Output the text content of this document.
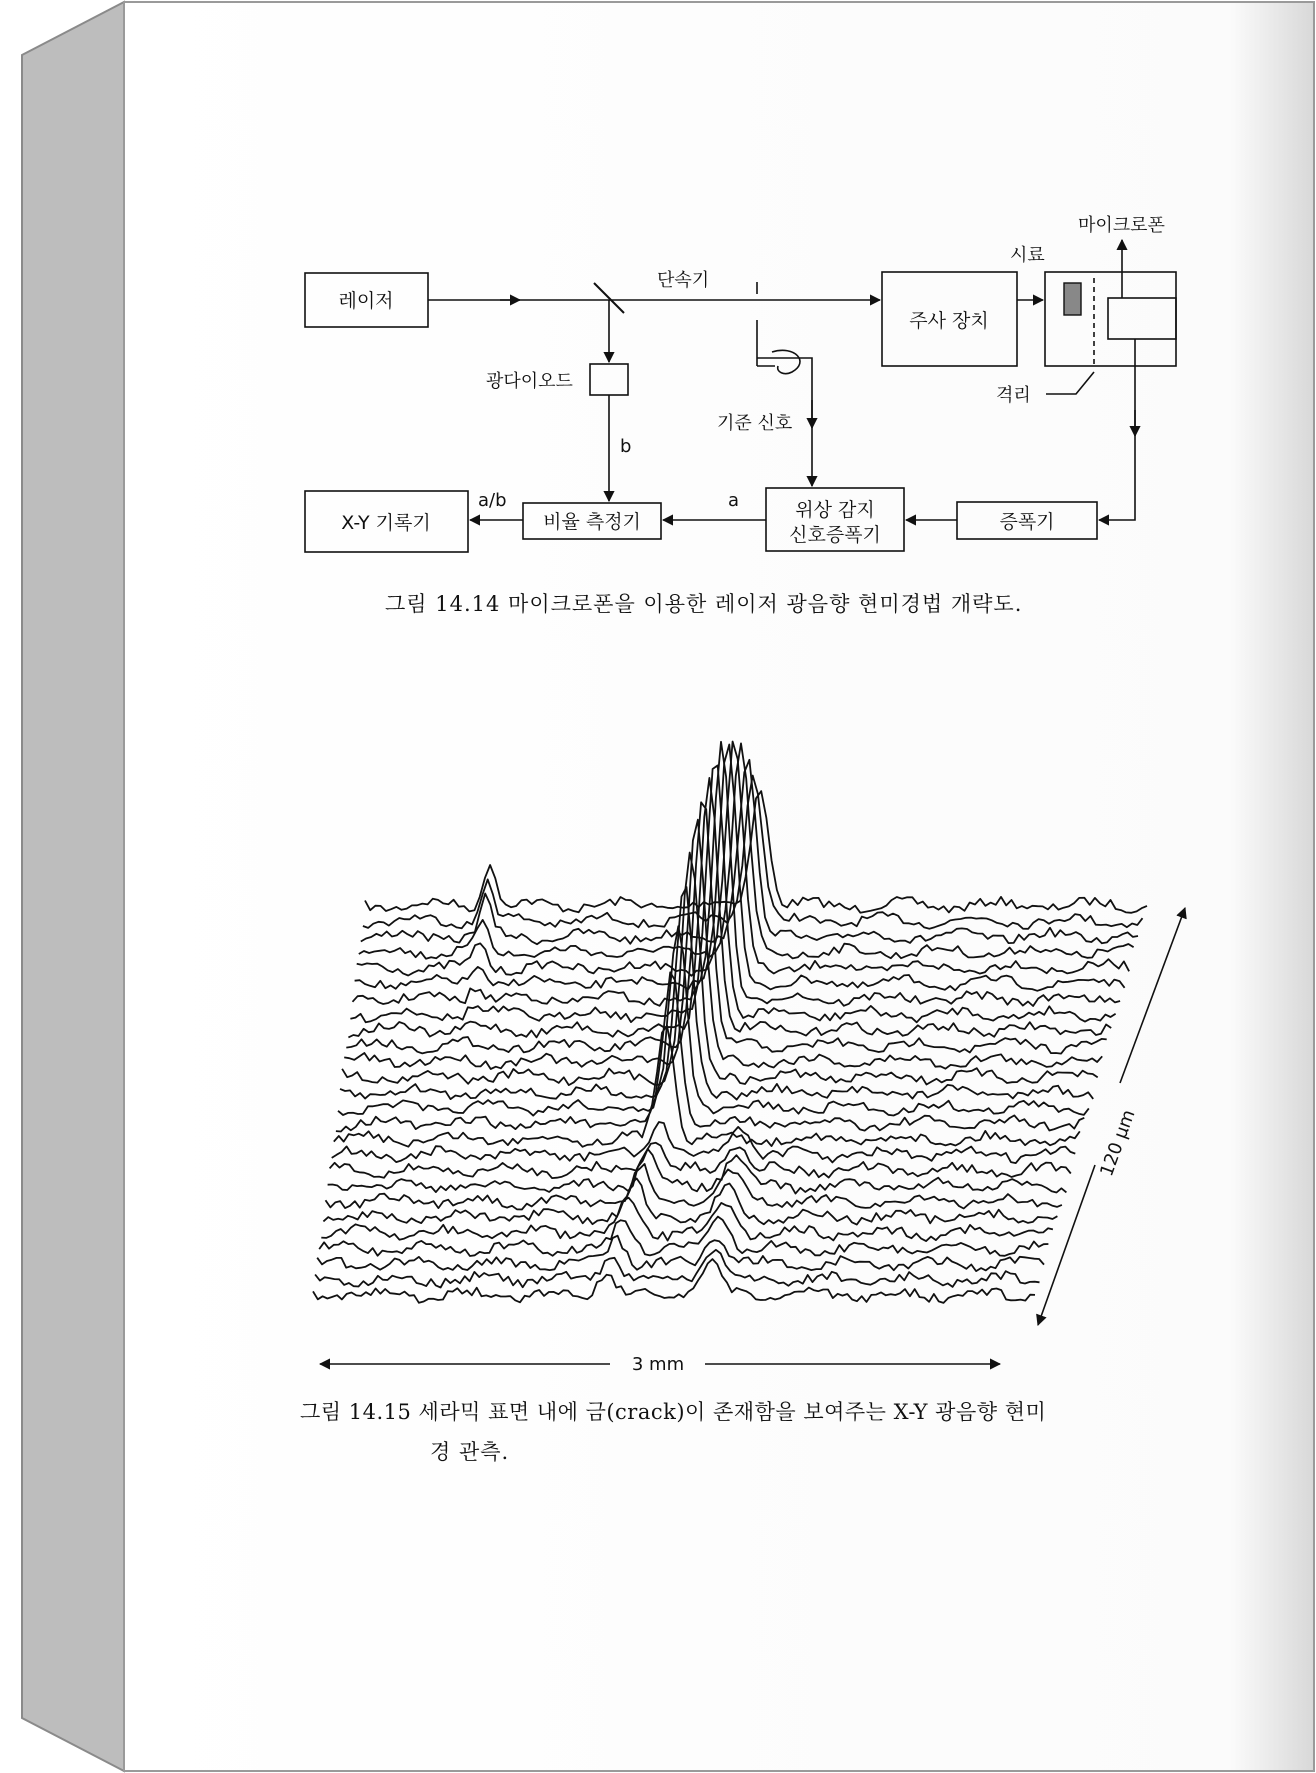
레이저
광다이오드
주사 장치
X-Y 기록기	비율 측정기
위상 감지
신호증폭기
증폭기
단속기
시료
마이크로폰
격리
기준 신호
b
a
a/b
120 μm
3 mm
그림 14.14 마이크로폰을 이용한 레이저 광음향 현미경법 개략도.
그림 14.15 세라믹 표면 내에 금(crack)이 존재함을 보여주는 X-Y 광음향 현미
경 관측.
